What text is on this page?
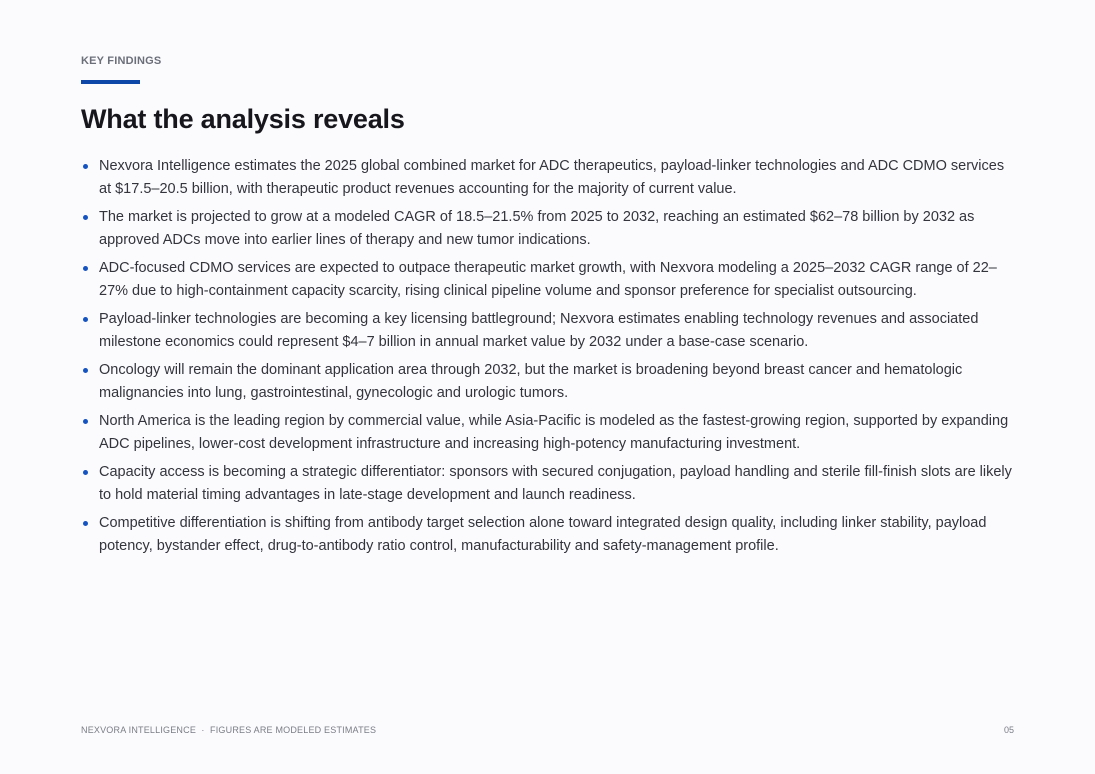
KEY FINDINGS
What the analysis reveals
Nexvora Intelligence estimates the 2025 global combined market for ADC therapeutics, payload-linker technologies and ADC CDMO services at $17.5–20.5 billion, with therapeutic product revenues accounting for the majority of current value.
The market is projected to grow at a modeled CAGR of 18.5–21.5% from 2025 to 2032, reaching an estimated $62–78 billion by 2032 as approved ADCs move into earlier lines of therapy and new tumor indications.
ADC-focused CDMO services are expected to outpace therapeutic market growth, with Nexvora modeling a 2025–2032 CAGR range of 22–27% due to high-containment capacity scarcity, rising clinical pipeline volume and sponsor preference for specialist outsourcing.
Payload-linker technologies are becoming a key licensing battleground; Nexvora estimates enabling technology revenues and associated milestone economics could represent $4–7 billion in annual market value by 2032 under a base-case scenario.
Oncology will remain the dominant application area through 2032, but the market is broadening beyond breast cancer and hematologic malignancies into lung, gastrointestinal, gynecologic and urologic tumors.
North America is the leading region by commercial value, while Asia-Pacific is modeled as the fastest-growing region, supported by expanding ADC pipelines, lower-cost development infrastructure and increasing high-potency manufacturing investment.
Capacity access is becoming a strategic differentiator: sponsors with secured conjugation, payload handling and sterile fill-finish slots are likely to hold material timing advantages in late-stage development and launch readiness.
Competitive differentiation is shifting from antibody target selection alone toward integrated design quality, including linker stability, payload potency, bystander effect, drug-to-antibody ratio control, manufacturability and safety-management profile.
NEXVORA INTELLIGENCE  ·  FIGURES ARE MODELED ESTIMATES	05
